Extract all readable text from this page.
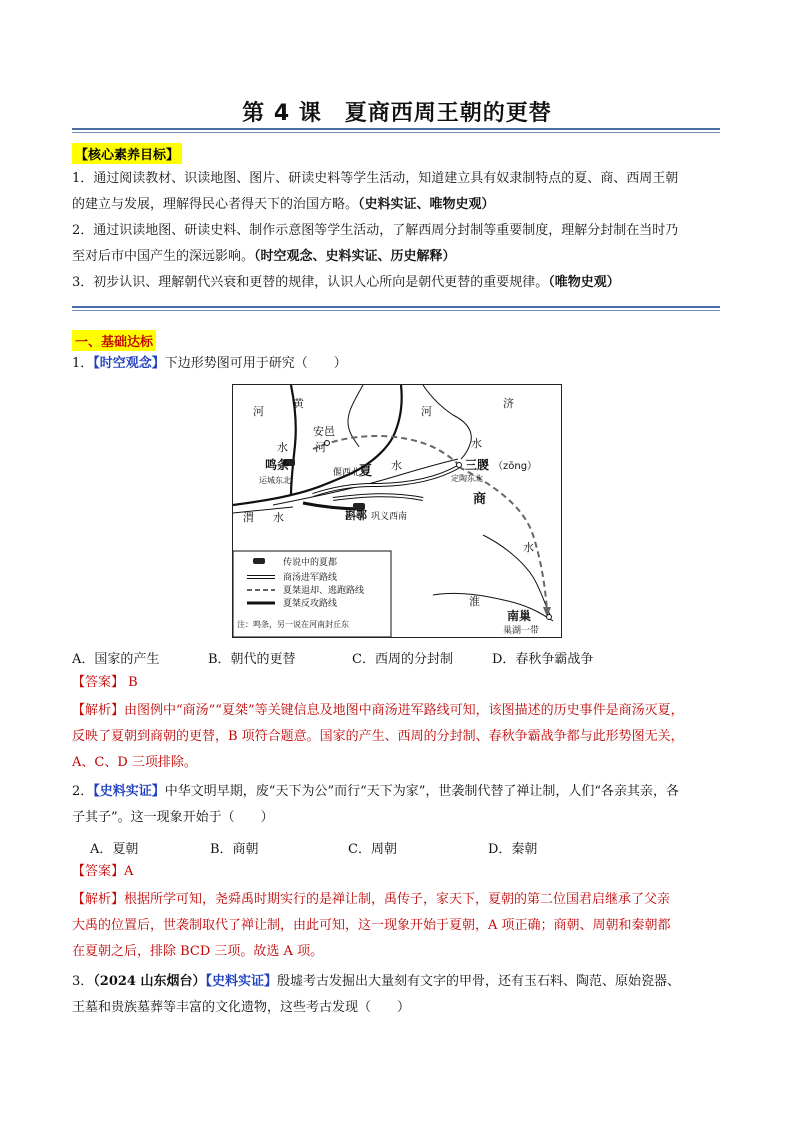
第 4 课　夏商西周王朝的更替
【核心素养目标】
1．通过阅读教材、识读地图、图片、研读史料等学生活动，知道建立具有奴隶制特点的夏、商、西周王朝
的建立与发展，理解得民心者得天下的治国方略。（史料实证、唯物史观）
2．通过识读地图、研读史料、制作示意图等学生活动，了解西周分封制等重要制度，理解分封制在当时乃
至对后市中国产生的深远影响。（时空观念、史料实证、历史解释）
3．初步认识、理解朝代兴衰和更替的规律，认识人心所向是朝代更替的重要规律。（唯物史观）
一、基础达标
1．【时空观念】下边形势图可用于研究（　　）
河
黄
河
济
水
河
水
安邑
鸣条
运城东北
偃西北
夏 水	三朡 （zōng）
定陶东北
商
斟鄩 巩义西南
渭 水
水
淮
南巢
巢湖一带
传说中的夏都
商汤进军路线
夏桀退却、逃跑路线
夏桀反攻路线
注：鸣条，另一说在河南封丘东
A．国家的产生	B．朝代的更替	C．西周的分封制	D．春秋争霸战争
【答案】 B
【解析】由图例中“商汤”“夏桀”等关键信息及地图中商汤进军路线可知，该图描述的历史事件是商汤灭夏，
反映了夏朝到商朝的更替，B 项符合题意。国家的产生、西周的分封制、春秋争霸战争都与此形势图无关，
A、C、D 三项排除。
2．【史料实证】中华文明早期，废“天下为公”而行“天下为家”，世袭制代替了禅让制，人们“各亲其亲，各
子其子”。这一现象开始于（　　）
A．夏朝	B．商朝	C．周朝	D．秦朝
【答案】A
【解析】根据所学可知，尧舜禹时期实行的是禅让制，禹传子，家天下，夏朝的第二位国君启继承了父亲
大禹的位置后，世袭制取代了禅让制，由此可知，这一现象开始于夏朝，A 项正确；商朝、周朝和秦朝都
在夏朝之后，排除 BCD 三项。故选 A 项。
3．（2024 山东烟台）【史料实证】殷墟考古发掘出大量刻有文字的甲骨，还有玉石料、陶范、原始瓷器、
王墓和贵族墓葬等丰富的文化遗物，这些考古发现（　　）
